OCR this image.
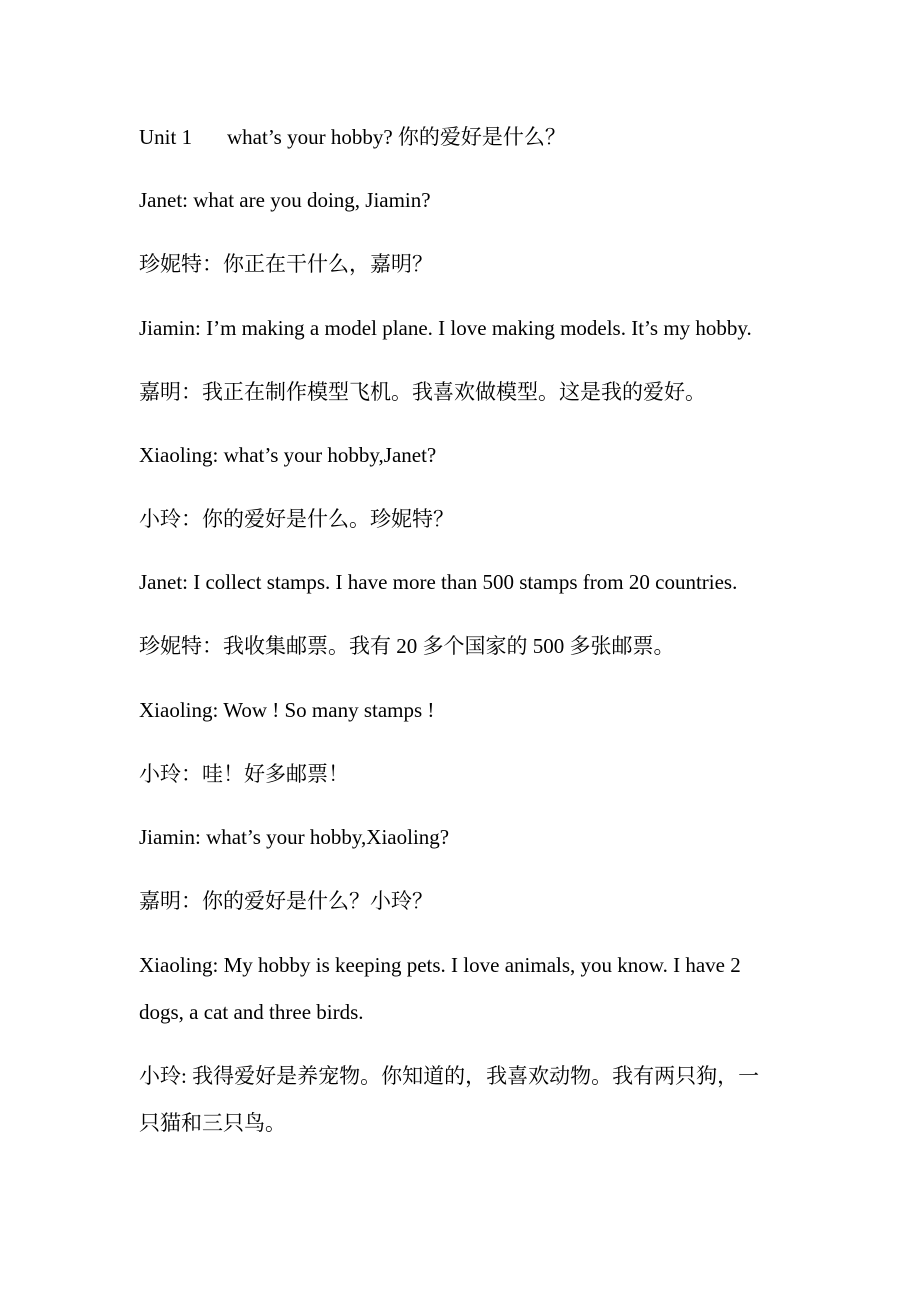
Unit 1 what’s your hobby? 你的爱好是什么？
Janet: what are you doing, Jiamin?
珍妮特：你正在干什么，嘉明？
Jiamin: I’m making a model plane. I love making models. It’s my hobby.
嘉明：我正在制作模型飞机。我喜欢做模型。这是我的爱好。
Xiaoling: what’s your hobby,Janet?
小玲：你的爱好是什么。珍妮特？
Janet: I collect stamps. I have more than 500 stamps from 20 countries.
珍妮特：我收集邮票。我有 20 多个国家的 500 多张邮票。
Xiaoling: Wow ! So many stamps !
小玲：哇！好多邮票！
Jiamin: what’s your hobby,Xiaoling?
嘉明：你的爱好是什么？小玲？
Xiaoling: My hobby is keeping pets. I love animals, you know. I have 2
dogs, a cat and three birds.
小玲: 我得爱好是养宠物。你知道的，我喜欢动物。我有两只狗，一
只猫和三只鸟。
